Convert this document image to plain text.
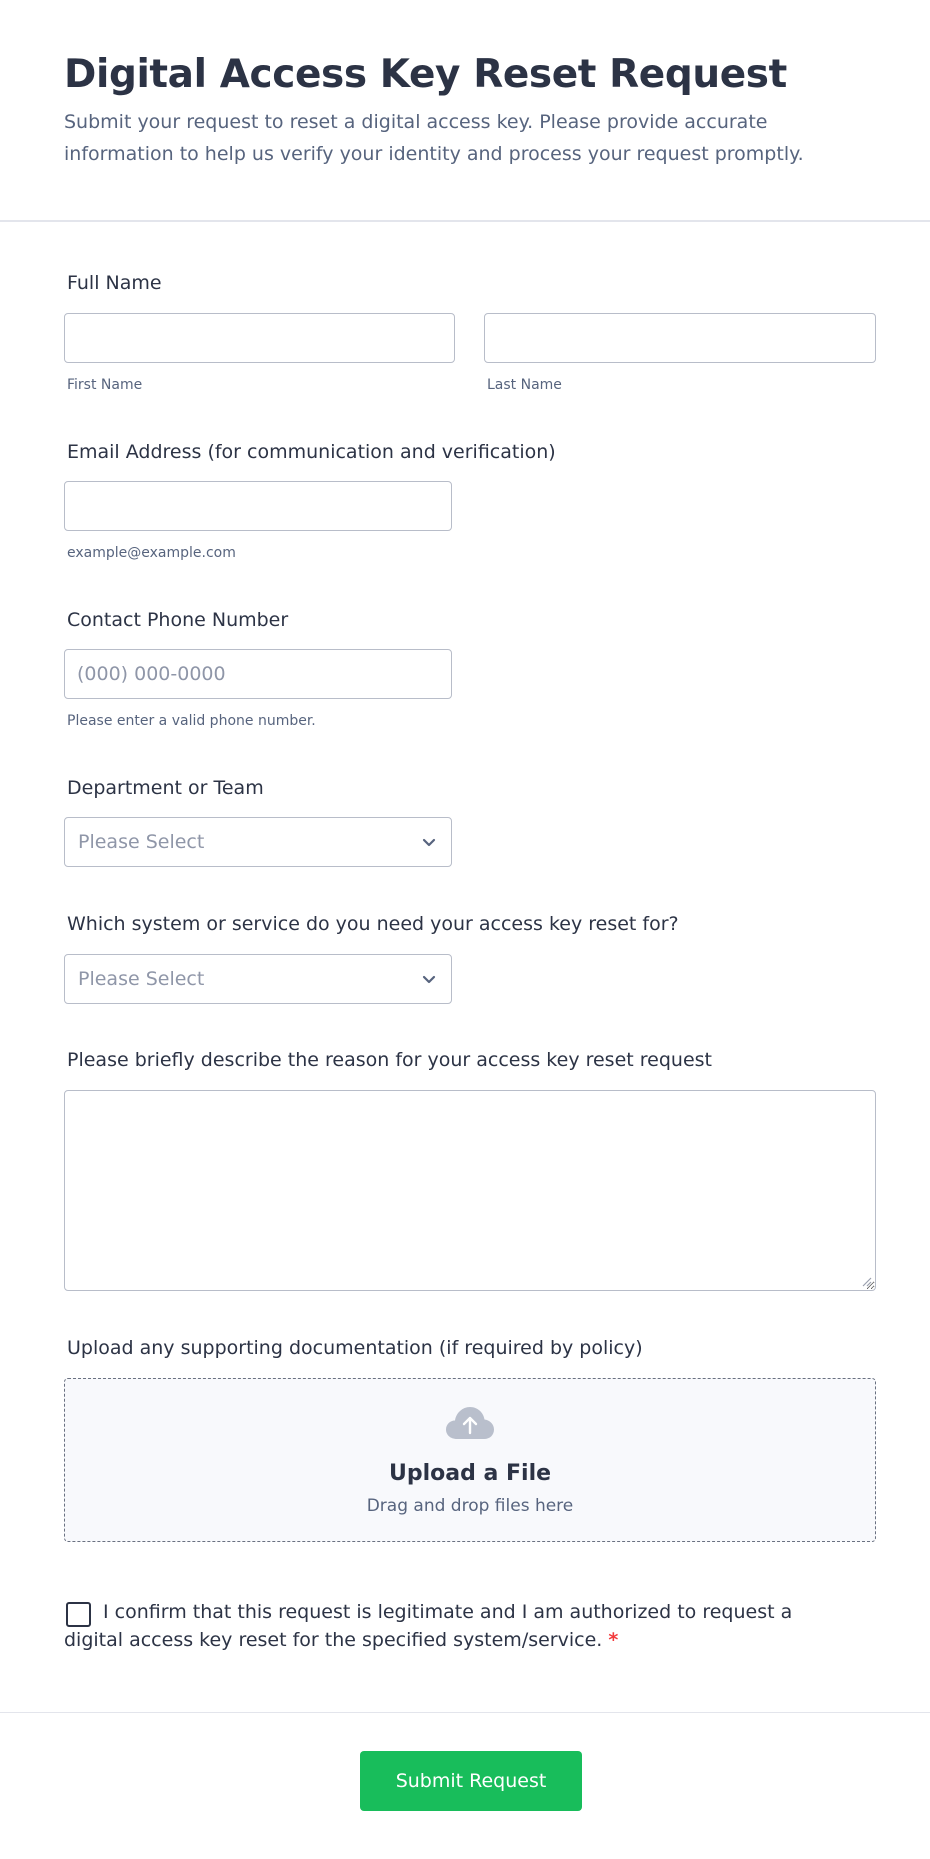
Digital Access Key Reset Request

Submit your request to reset a digital access key. Please provide accurate
information to help us verify your identity and process your request promptly.

Full Name
First Name	Last Name
Email Address (for communication and verification)
example@example.com
Contact Phone Number
(000) 000-0000
Please enter a valid phone number.
Department or Team
Please Select
Which system or service do you need your access key reset for?
Please Select
Please briefly describe the reason for your access key reset request
Upload any supporting documentation (if required by policy)
Upload a File
Drag and drop files here
I confirm that this request is legitimate and I am authorized to request a
digital access key reset for the specified system/service. *
Submit Request
